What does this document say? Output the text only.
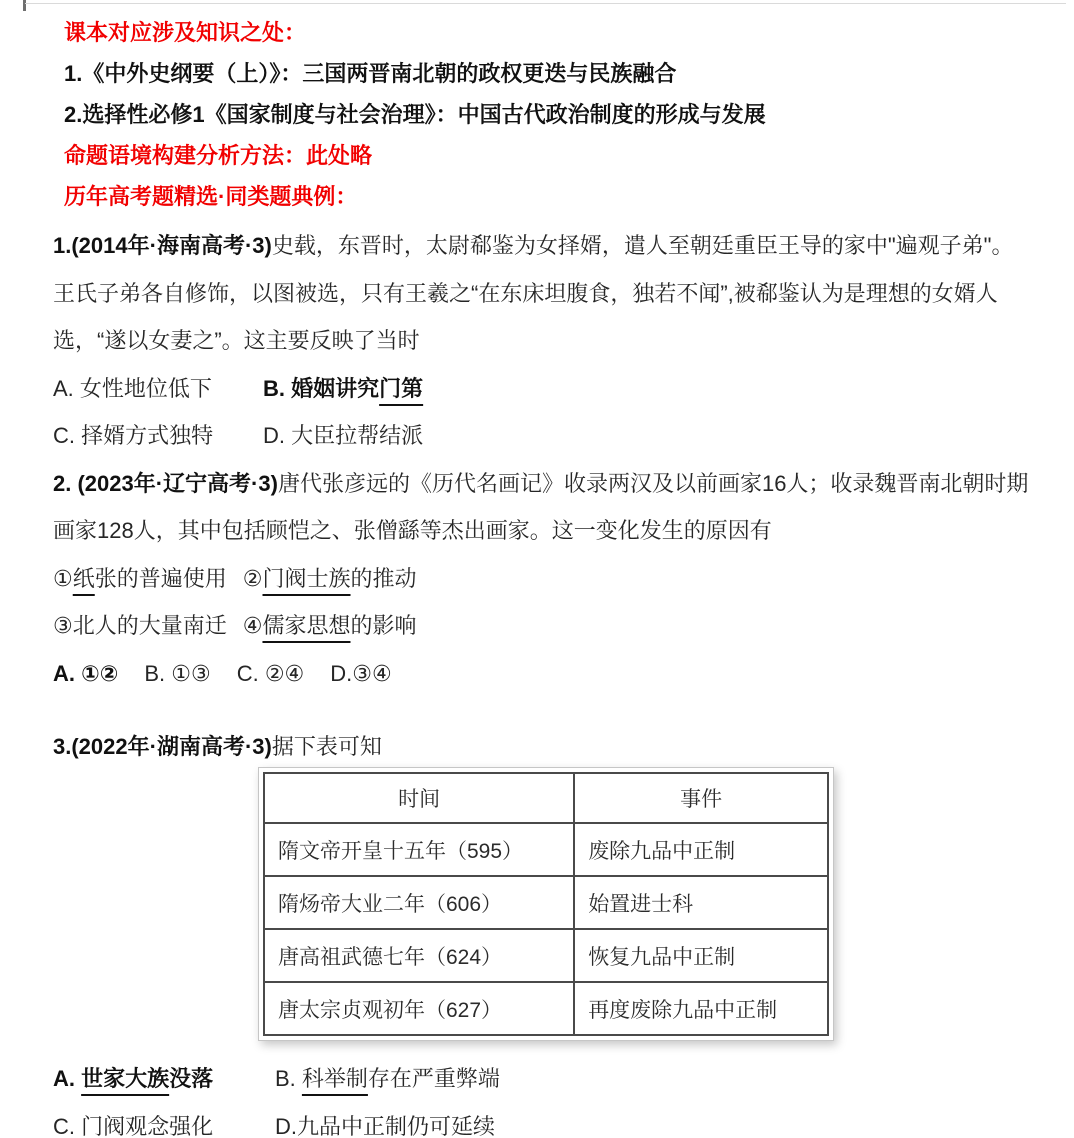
课本对应涉及知识之处：
1.《中外史纲要（上）》：三国两晋南北朝的政权更迭与民族融合
2.选择性必修1《国家制度与社会治理》：中国古代政治制度的形成与发展
命题语境构建分析方法：此处略
历年高考题精选·同类题典例：
1.(2014年·海南高考·3)史载，东晋时，太尉郗鉴为女择婿，遣人至朝廷重臣王导的家中"遍观子弟"。
王氏子弟各自修饰，以图被选，只有王羲之“在东床坦腹食，独若不闻”,被郗鉴认为是理想的女婿人
选，“遂以女妻之”。这主要反映了当时
A. 女性地位低下	B. 婚姻讲究门第
C. 择婿方式独特	D. 大臣拉帮结派
2. (2023年·辽宁高考·3)唐代张彦远的《历代名画记》收录两汉及以前画家16人；收录魏晋南北朝时期
画家128人，其中包括顾恺之、张僧繇等杰出画家。这一变化发生的原因有
①纸张的普遍使用 ②门阀士族的推动
③北人的大量南迁 ④儒家思想的影响
A. ①② B. ①③ C. ②④ D.③④
3.(2022年·湖南高考·3)据下表可知
时间	事件
隋文帝开皇十五年（595）	废除九品中正制
隋炀帝大业二年（606）	始置进士科
唐高祖武德七年（624）	恢复九品中正制
唐太宗贞观初年（627）	再度废除九品中正制
A. 世家大族没落	B. 科举制存在严重弊端
C. 门阀观念强化	D.九品中正制仍可延续
